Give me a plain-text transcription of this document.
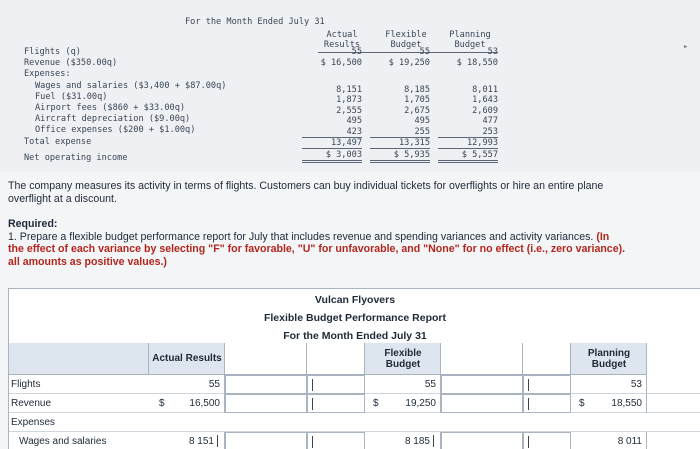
For the Month Ended July 31
Actual
Results
Flexible
Budget
Planning
Budget
Flights (q)	55	55	53
Revenue ($350.00q)	$ 16,500	$ 19,250	$ 18,550
Expenses:
Wages and salaries ($3,400 + $87.00q)	8,151	8,185	8,011
Fuel ($31.00q)	1,873	1,705	1,643
Airport fees ($860 + $33.00q)	2,555	2,675	2,609
Aircraft depreciation ($9.00q)	495	495	477
Office expenses ($200 + $1.00q)	423	255	253
Total expense	13,497	13,315	12,993
Net operating income	$ 3,003	$ 5,935	$ 5,557
▸
The company measures its activity in terms of flights. Customers can buy individual tickets for overflights or hire an entire plane
overflight at a discount.
Required:
1. Prepare a flexible budget performance report for July that includes revenue and spending variances and activity variances. (In
the effect of each variance by selecting "F" for favorable, "U" for unfavorable, and "None" for no effect (i.e., zero variance).
all amounts as positive values.)
Vulcan Flyovers
Flexible Budget Performance Report
For the Month Ended July 31
Actual Results	Flexible
Budget
Planning
Budget
Flights	55	55	53
Revenue	$ 16,500	$	19,250	$	18,550
Expenses
Wages and salaries	8 151	8 185	8 011
